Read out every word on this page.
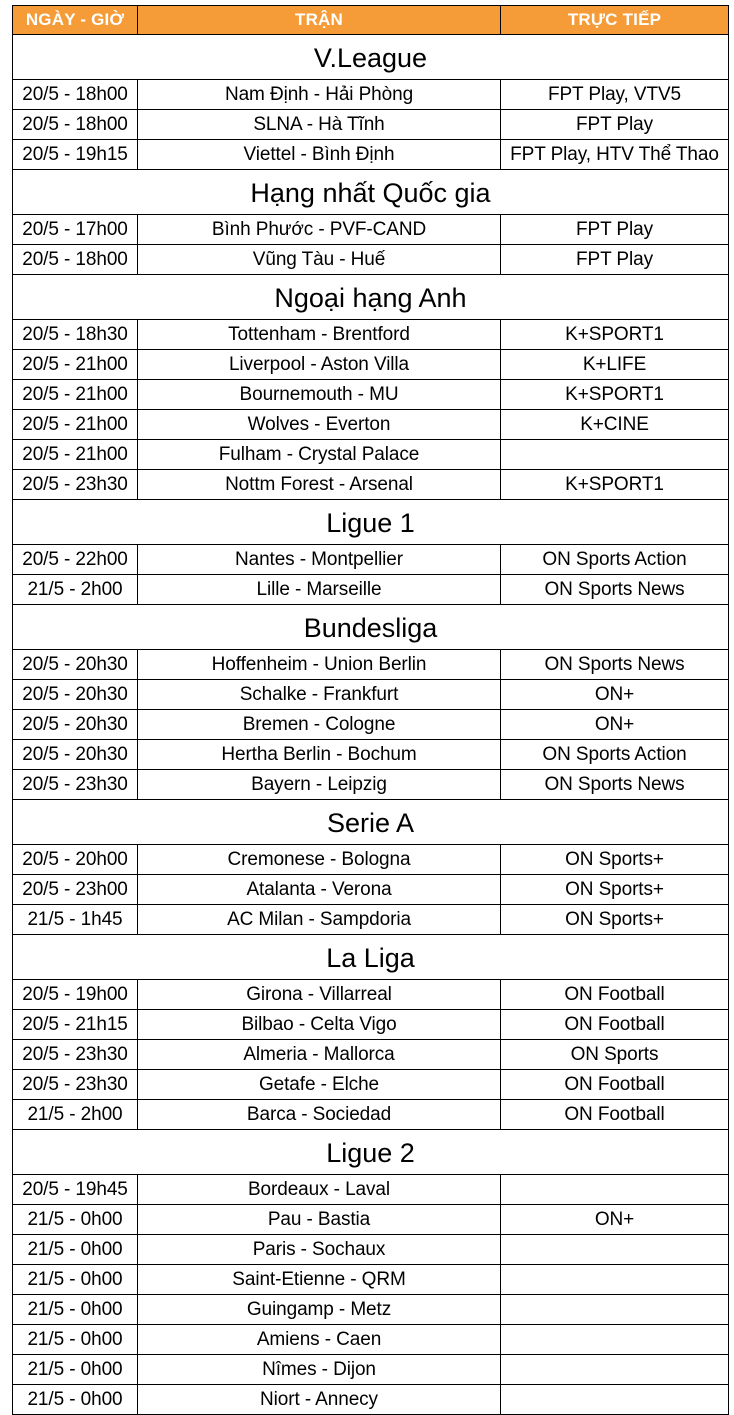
NGÀY - GIỜ	TRẬN	TRỰC TIẾP
V.League		
20/5 - 18h00	Nam Định - Hải Phòng	FPT Play, VTV5
20/5 - 18h00	SLNA - Hà Tĩnh	FPT Play
20/5 - 19h15	Viettel - Bình Định	FPT Play, HTV Thể Thao
Hạng nhất Quốc gia		
20/5 - 17h00	Bình Phước - PVF-CAND	FPT Play
20/5 - 18h00	Vũng Tàu - Huế	FPT Play
Ngoại hạng Anh		
20/5 - 18h30	Tottenham - Brentford	K+SPORT1
20/5 - 21h00	Liverpool - Aston Villa	K+LIFE
20/5 - 21h00	Bournemouth - MU	K+SPORT1
20/5 - 21h00	Wolves - Everton	K+CINE
20/5 - 21h00	Fulham - Crystal Palace	
20/5 - 23h30	Nottm Forest - Arsenal	K+SPORT1
Ligue 1		
20/5 - 22h00	Nantes - Montpellier	ON Sports Action
21/5 - 2h00	Lille - Marseille	ON Sports News
Bundesliga		
20/5 - 20h30	Hoffenheim - Union Berlin	ON Sports News
20/5 - 20h30	Schalke - Frankfurt	ON+
20/5 - 20h30	Bremen - Cologne	ON+
20/5 - 20h30	Hertha Berlin - Bochum	ON Sports Action
20/5 - 23h30	Bayern - Leipzig	ON Sports News
Serie A		
20/5 - 20h00	Cremonese - Bologna	ON Sports+
20/5 - 23h00	Atalanta - Verona	ON Sports+
21/5 - 1h45	AC Milan - Sampdoria	ON Sports+
La Liga		
20/5 - 19h00	Girona - Villarreal	ON Football
20/5 - 21h15	Bilbao - Celta Vigo	ON Football
20/5 - 23h30	Almeria - Mallorca	ON Sports
20/5 - 23h30	Getafe - Elche	ON Football
21/5 - 2h00	Barca - Sociedad	ON Football
Ligue 2		
20/5 - 19h45	Bordeaux - Laval	
21/5 - 0h00	Pau - Bastia	ON+
21/5 - 0h00	Paris - Sochaux	
21/5 - 0h00	Saint-Etienne - QRM	
21/5 - 0h00	Guingamp - Metz	
21/5 - 0h00	Amiens - Caen	
21/5 - 0h00	Nîmes - Dijon	
21/5 - 0h00	Niort - Annecy	
